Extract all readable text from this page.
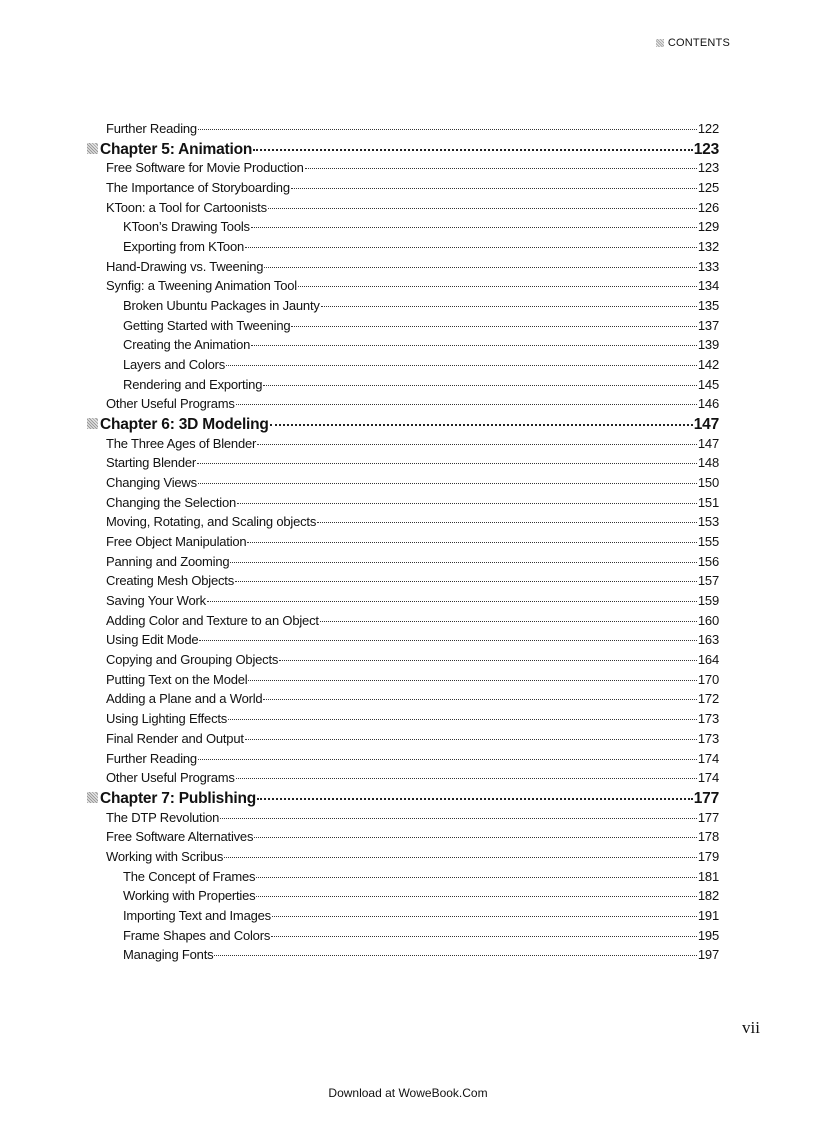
CONTENTS
Further Reading	122
Chapter 5: Animation	123
Free Software for Movie Production	123
The Importance of Storyboarding	125
KToon: a Tool for Cartoonists	126
KToon’s Drawing Tools	129
Exporting from KToon	132
Hand-Drawing vs. Tweening	133
Synfig: a Tweening Animation Tool	134
Broken Ubuntu Packages in Jaunty	135
Getting Started with Tweening	137
Creating the Animation	139
Layers and Colors	142
Rendering and Exporting	145
Other Useful Programs	146
Chapter 6: 3D Modeling	147
The Three Ages of Blender	147
Starting Blender	148
Changing Views	150
Changing the Selection	151
Moving, Rotating, and Scaling objects	153
Free Object Manipulation	155
Panning and Zooming	156
Creating Mesh Objects	157
Saving Your Work	159
Adding Color and Texture to an Object	160
Using Edit Mode	163
Copying and Grouping Objects	164
Putting Text on the Model	170
Adding a Plane and a World	172
Using Lighting Effects	173
Final Render and Output	173
Further Reading	174
Other Useful Programs	174
Chapter 7: Publishing	177
The DTP Revolution	177
Free Software Alternatives	178
Working with Scribus	179
The Concept of Frames	181
Working with Properties	182
Importing Text and Images	191
Frame Shapes and Colors	195
Managing Fonts	197
vii
Download at WoweBook.Com
